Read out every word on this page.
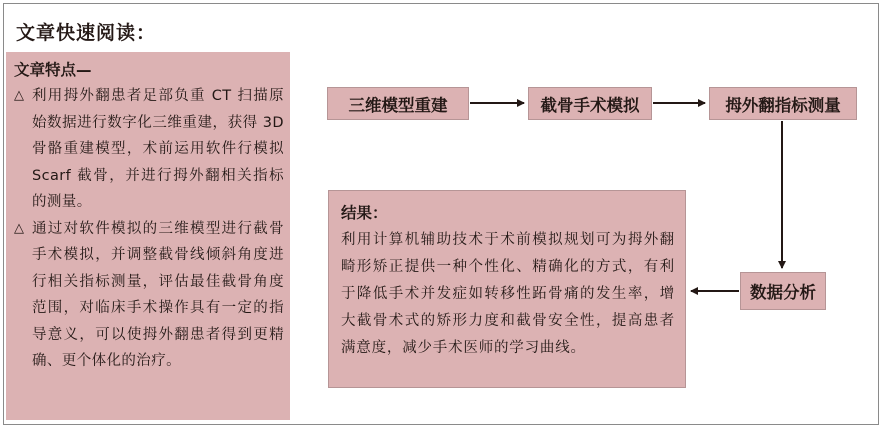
文章快速阅读：
文章特点—
△ 利用拇外翻患者足部负重 CT 扫描原始数据进行数字化三维重建，获得 3D 骨骼重建模型，术前运用软件行模拟 Scarf 截骨，并进行拇外翻相关指标的测量。
△ 通过对软件模拟的三维模型进行截骨手术模拟，并调整截骨线倾斜角度进行相关指标测量，评估最佳截骨角度范围，对临床手术操作具有一定的指导意义，可以使拇外翻患者得到更精确、更个体化的治疗。
三维模型重建	截骨手术模拟	拇外翻指标测量
数据分析
结果：
利用计算机辅助技术于术前模拟规划可为拇外翻畸形矫正提供一种个性化、精确化的方式，有利于降低手术并发症如转移性跖骨痛的发生率，增大截骨术式的矫形力度和截骨安全性，提高患者满意度，减少手术医师的学习曲线。
